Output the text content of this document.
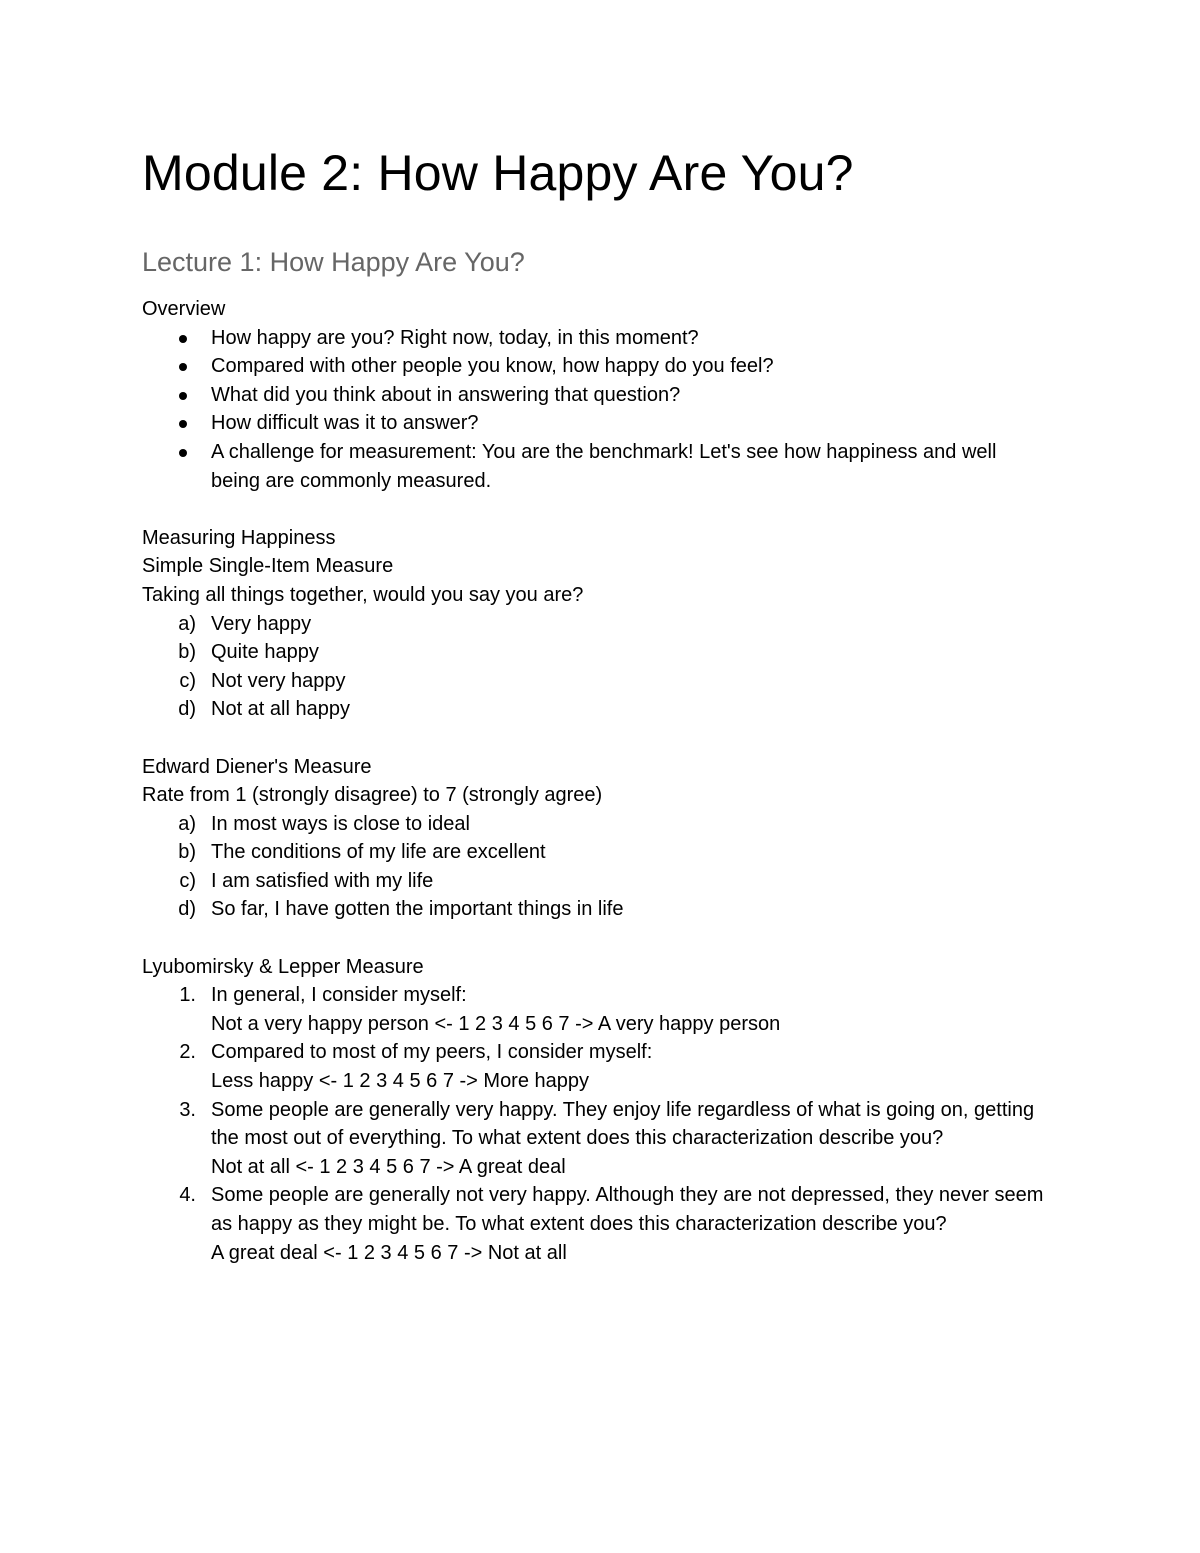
Module 2: How Happy Are You?
Lecture 1: How Happy Are You?

Overview

How happy are you? Right now, today, in this moment?
Compared with other people you know, how happy do you feel?
What did you think about in answering that question?
How difficult was it to answer?
A challenge for measurement: You are the benchmark! Let's see how happiness and well being are commonly measured.

Measuring Happiness

Simple Single-Item Measure

Taking all things together, would you say you are?

a) Very happy
b) Quite happy
c) Not very happy
d) Not at all happy

Edward Diener's Measure

Rate from 1 (strongly disagree) to 7 (strongly agree)

a) In most ways is close to ideal
b) The conditions of my life are excellent
c) I am satisfied with my life
d) So far, I have gotten the important things in life

Lyubomirsky & Lepper Measure

1. In general, I consider myself:
Not a very happy person <- 1 2 3 4 5 6 7 -> A very happy person
2. Compared to most of my peers, I consider myself:
Less happy <- 1 2 3 4 5 6 7 -> More happy
3. Some people are generally very happy. They enjoy life regardless of what is going on, getting the most out of everything. To what extent does this characterization describe you?
Not at all <- 1 2 3 4 5 6 7 -> A great deal
4. Some people are generally not very happy. Although they are not depressed, they never seem as happy as they might be. To what extent does this characterization describe you?
A great deal <- 1 2 3 4 5 6 7 -> Not at all
